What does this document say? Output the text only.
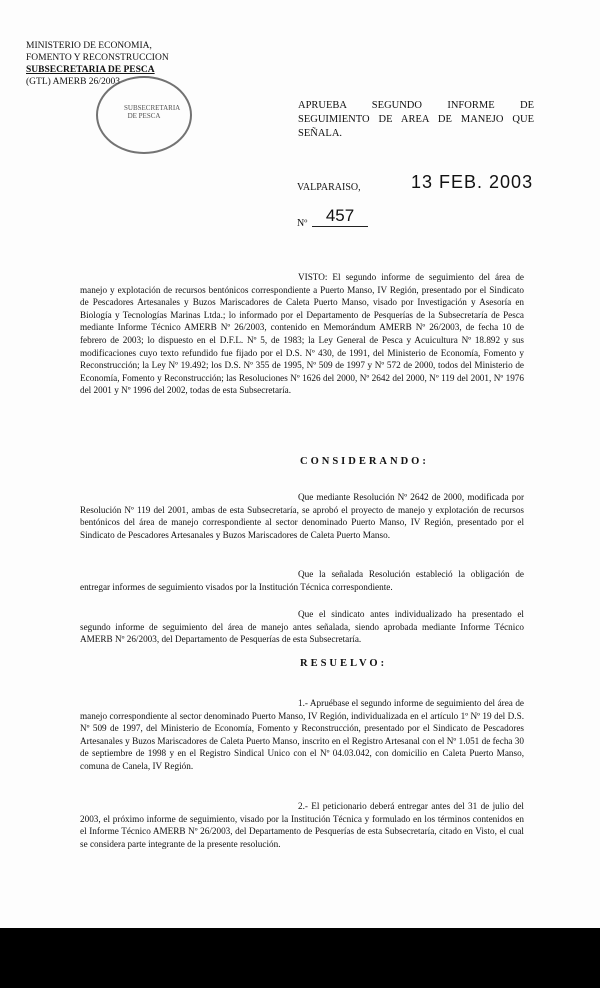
MINISTERIO DE ECONOMIA,
FOMENTO Y RECONSTRUCCION
SUBSECRETARIA DE PESCA
(GTL) AMERB 26/2003
SUBSECRETARIA DE PESCA
APRUEBA SEGUNDO INFORME DE SEGUIMIENTO DE AREA DE MANEJO QUE SEÑALA.
VALPARAISO,	13 FEB. 2003
Nº	457
VISTO: El segundo informe de seguimiento del área de manejo y explotación de recursos bentónicos correspondiente a Puerto Manso, IV Región, presentado por el Sindicato de Pescadores Artesanales y Buzos Mariscadores de Caleta Puerto Manso, visado por Investigación y Asesoría en Biología y Tecnologías Marinas Ltda.; lo informado por el Departamento de Pesquerías de la Subsecretaría de Pesca mediante Informe Técnico AMERB Nº 26/2003, contenido en Memorándum AMERB Nº 26/2003, de fecha 10 de febrero de 2003; lo dispuesto en el D.F.L. Nº 5, de 1983; la Ley General de Pesca y Acuicultura Nº 18.892 y sus modificaciones cuyo texto refundido fue fijado por el D.S. Nº 430, de 1991, del Ministerio de Economía, Fomento y Reconstrucción; la Ley Nº 19.492; los D.S. Nº 355 de 1995, Nº 509 de 1997 y Nº 572 de 2000, todos del Ministerio de Economía, Fomento y Reconstrucción; las Resoluciones Nº 1626 del 2000, Nº 2642 del 2000, Nº 119 del 2001, Nº 1976 del 2001 y Nº 1996 del 2002, todas de esta Subsecretaría.
CONSIDERANDO:
Que mediante Resolución Nº 2642 de 2000, modificada por Resolución Nº 119 del 2001, ambas de esta Subsecretaría, se aprobó el proyecto de manejo y explotación de recursos bentónicos del área de manejo correspondiente al sector denominado Puerto Manso, IV Región, presentado por el Sindicato de Pescadores Artesanales y Buzos Mariscadores de Caleta Puerto Manso.
Que la señalada Resolución estableció la obligación de entregar informes de seguimiento visados por la Institución Técnica correspondiente.
Que el sindicato antes individualizado ha presentado el segundo informe de seguimiento del área de manejo antes señalada, siendo aprobada mediante Informe Técnico AMERB Nº 26/2003, del Departamento de Pesquerías de esta Subsecretaría.
RESUELVO:
1.- Apruébase el segundo informe de seguimiento del área de manejo correspondiente al sector denominado Puerto Manso, IV Región, individualizada en el artículo 1º Nº 19 del D.S. Nº 509 de 1997, del Ministerio de Economía, Fomento y Reconstrucción, presentado por el Sindicato de Pescadores Artesanales y Buzos Mariscadores de Caleta Puerto Manso, inscrito en el Registro Artesanal con el Nº 1.051 de fecha 30 de septiembre de 1998 y en el Registro Sindical Unico con el Nº 04.03.042, con domicilio en Caleta Puerto Manso, comuna de Canela, IV Región.
2.- El peticionario deberá entregar antes del 31 de julio del 2003, el próximo informe de seguimiento, visado por la Institución Técnica y formulado en los términos contenidos en el Informe Técnico AMERB Nº 26/2003, del Departamento de Pesquerías de esta Subsecretaría, citado en Visto, el cual se considera parte integrante de la presente resolución.
